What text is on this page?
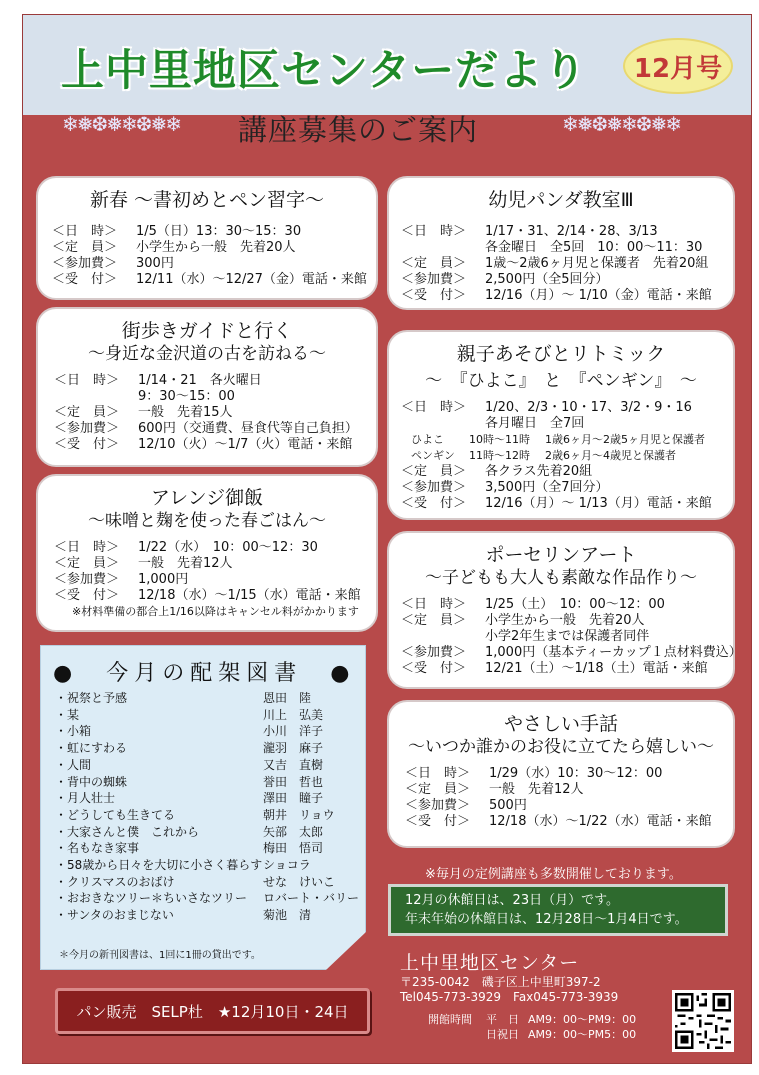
上中里地区センターだより	12月号
❄❅❆❅❄❆❅❄ 講座募集のご案内	❄❅❆❅❄❆❅❄
新春 ～書初めとペン習字～
＜日　時＞	1/5（日）13：30～15：30
＜定　員＞	小学生から一般　先着20人
＜参加費＞	300円
＜受　付＞	12/11（水）～12/27（金）電話・来館
街歩きガイドと行く
～身近な金沢道の古を訪ねる～
＜日　時＞	1/14・21　各火曜日
9：30～15：00
＜定　員＞	一般　先着15人
＜参加費＞	600円（交通費、昼食代等自己負担）
＜受　付＞	12/10（火）～1/7（火）電話・来館
アレンジ御飯
～味噌と麹を使った春ごはん～
＜日　時＞	1/22（水）　10：00～12：30
＜定　員＞	一般　先着12人
＜参加費＞	1,000円
＜受　付＞	12/18（水）～1/15（水）電話・来館
※材料準備の都合上1/16以降はキャンセル料がかかります
幼児パンダ教室Ⅲ
＜日　時＞	1/17・31、2/14・28、3/13
各金曜日　全5回　10：00～11：30
＜定　員＞	1歳～2歳6ヶ月児と保護者　先着20組
＜参加費＞	2,500円（全5回分）
＜受　付＞	12/16（月）～ 1/10（金）電話・来館
親子あそびとリトミック
～　『ひよこ』　と　『ペンギン』　～
＜日　時＞	1/20、2/3・10・17、3/2・9・16
各月曜日　全7回
ひよこ	10時～11時	1歳6ヶ月～2歳5ヶ月児と保護者
ペンギン	11時～12時	2歳6ヶ月～4歳児と保護者
＜定　員＞	各クラス先着20組
＜参加費＞	3,500円（全7回分）
＜受　付＞	12/16（月）～ 1/13（月）電話・来館
ポーセリンアート
～子どもも大人も素敵な作品作り～
＜日　時＞	1/25（土）　10：00～12：00
＜定　員＞	小学生から一般　先着20人
小学2年生までは保護者同伴
＜参加費＞	1,000円（基本ティーカップ１点材料費込）
＜受　付＞	12/21（土）～1/18（土）電話・来館
やさしい手話
～いつか誰かのお役に立てたら嬉しい～
＜日　時＞	1/29（水）10：30～12：00
＜定　員＞	一般　先着12人
＜参加費＞	500円
＜受　付＞	12/18（水）～1/22（水）電話・来館
●　今月の配架図書　●
・祝祭と予感	恩田　陸
・某	川上　弘美
・小箱	小川　洋子
・虹にすわる	瀧羽　麻子
・人間	又吉　直樹
・背中の蜘蛛	誉田　哲也
・月人壮士	澤田　瞳子
・どうしても生きてる	朝井　リョウ
・大家さんと僕　これから	矢部　太郎
・名もなき家事	梅田　悟司
・58歳から日々を大切に小さく暮らす ショコラ
・クリスマスのおばけ	せな　けいこ
・おおきなツリー＊ちいさなツリー	ロバート・バリー
・サンタのおまじない	菊池　清
＊今月の新刊図書は、1回に1冊の貸出です。
パン販売　SELP杜　★12月10日・24日
※毎月の定例講座も多数開催しております。
12月の休館日は、23日（月）です。
年末年始の休館日は、12月28日～1月4日です。
上中里地区センター
〒235-0042　磯子区上中里町397-2
Tel045-773-3929　Fax045-773-3939
開館時間	平　日 AM9：00～PM9：00
日祝日 AM9：00～PM5：00
